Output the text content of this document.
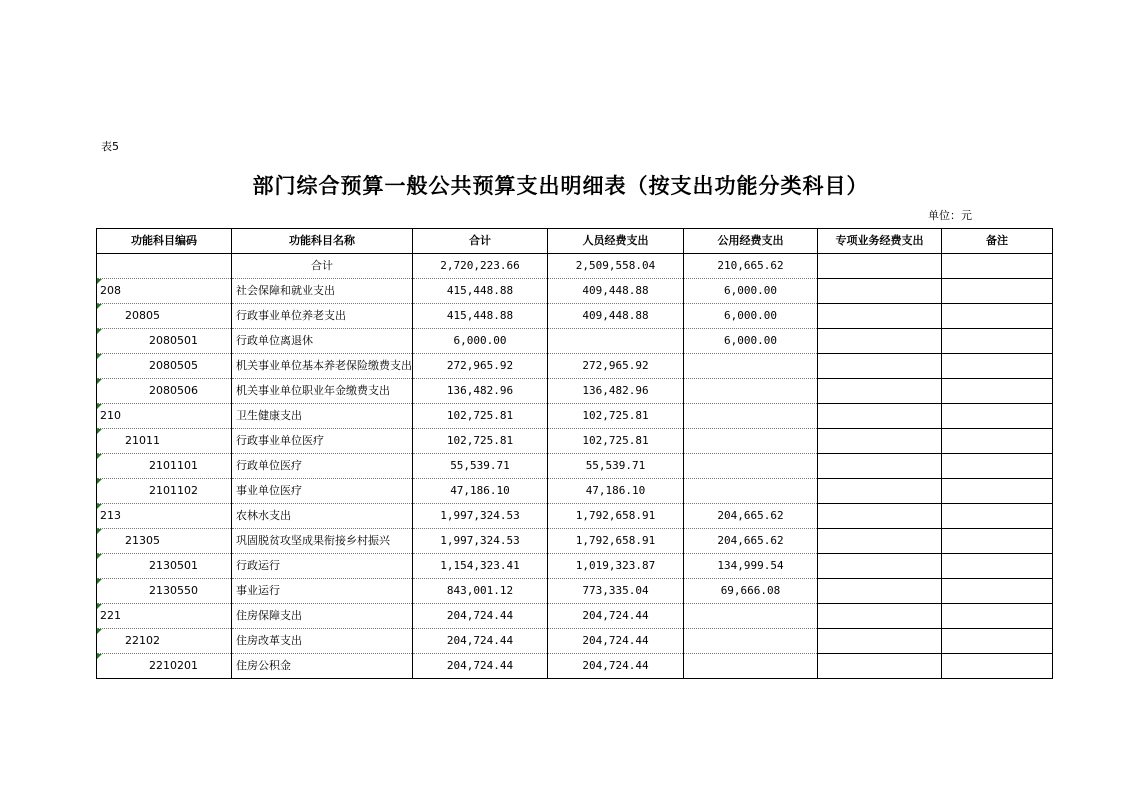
表5
部门综合预算一般公共预算支出明细表（按支出功能分类科目）
单位：元
功能科目编码	功能科目名称	合计	人员经费支出	公用经费支出	专项业务经费支出	备注
	合计	2,720,223.66	2,509,558.04	210,665.62		

208	社会保障和就业支出	415,448.88	409,448.88	6,000.00		

20805	行政事业单位养老支出	415,448.88	409,448.88	6,000.00		

2080501	行政单位离退休	6,000.00		6,000.00		

2080505	机关事业单位基本养老保险缴费支出	272,965.92	272,965.92			

2080506	机关事业单位职业年金缴费支出	136,482.96	136,482.96			

210	卫生健康支出	102,725.81	102,725.81			

21011	行政事业单位医疗	102,725.81	102,725.81			

2101101	行政单位医疗	55,539.71	55,539.71			

2101102	事业单位医疗	47,186.10	47,186.10			

213	农林水支出	1,997,324.53	1,792,658.91	204,665.62		

21305	巩固脱贫攻坚成果衔接乡村振兴	1,997,324.53	1,792,658.91	204,665.62		

2130501	行政运行	1,154,323.41	1,019,323.87	134,999.54		

2130550	事业运行	843,001.12	773,335.04	69,666.08		

221	住房保障支出	204,724.44	204,724.44			

22102	住房改革支出	204,724.44	204,724.44			

2210201	住房公积金	204,724.44	204,724.44			
